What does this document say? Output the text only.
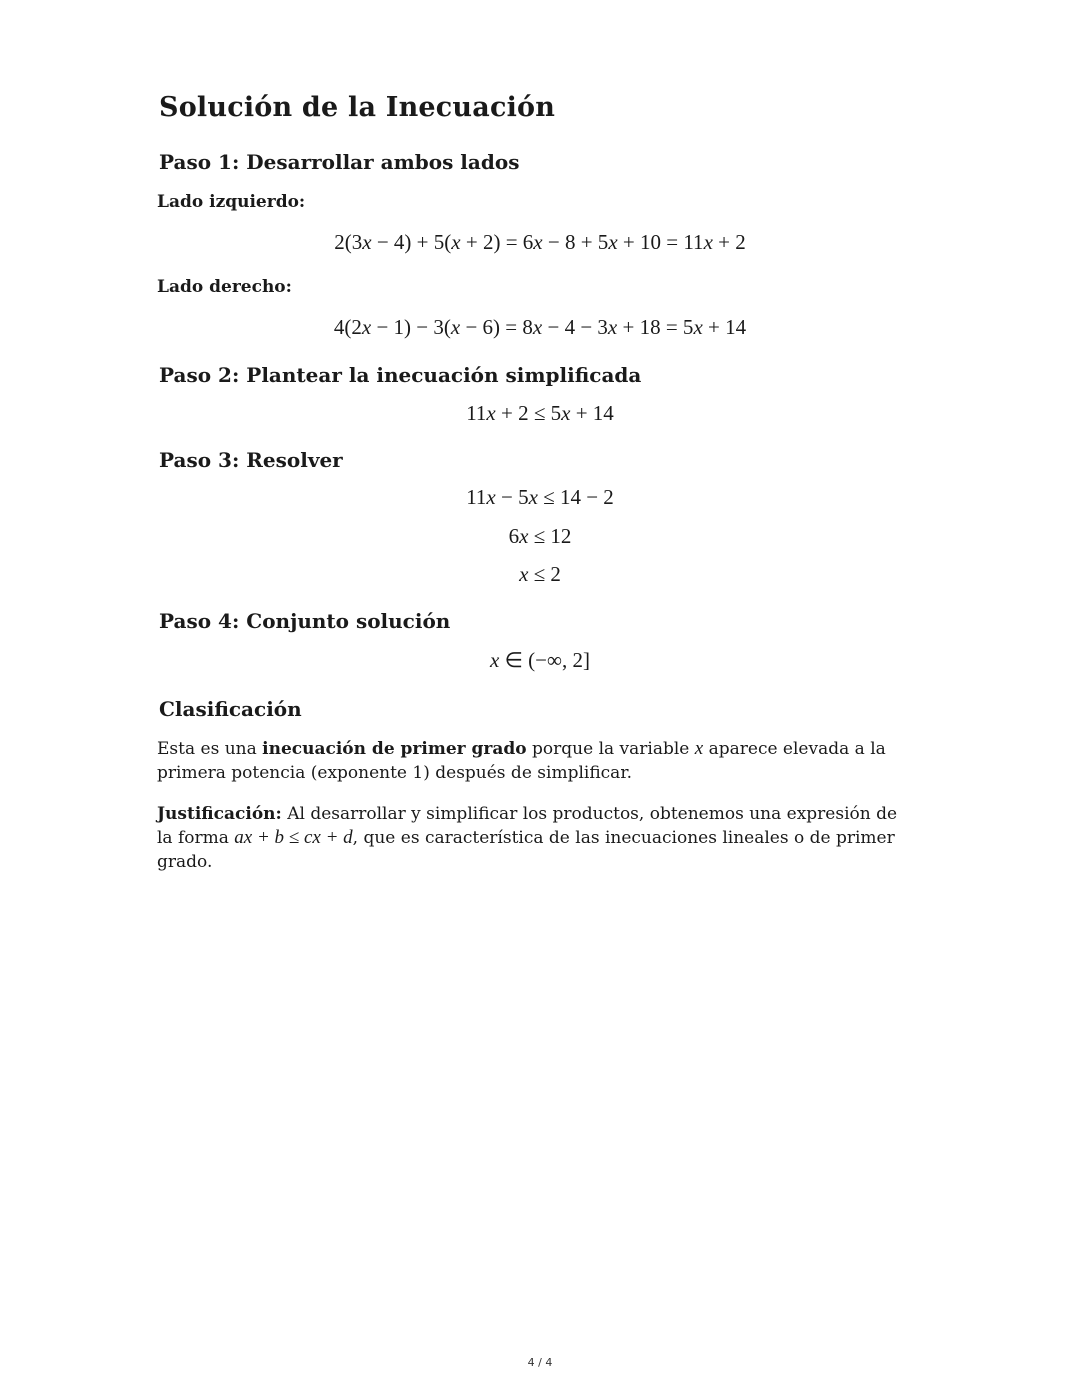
Solución de la Inecuación
Paso 1: Desarrollar ambos lados
Lado izquierdo:
2(3x − 4) + 5(x + 2) = 6x − 8 + 5x + 10 = 11x + 2
Lado derecho:
4(2x − 1) − 3(x − 6) = 8x − 4 − 3x + 18 = 5x + 14
Paso 2: Plantear la inecuación simplificada
11x + 2 ≤ 5x + 14
Paso 3: Resolver
11x − 5x ≤ 14 − 2
6x ≤ 12
x ≤ 2
Paso 4: Conjunto solución
x ∈ (−∞, 2]
Clasificación
Esta es una inecuación de primer grado porque la variable x aparece elevada a la primera potencia (exponente 1) después de simplificar.
Justificación: Al desarrollar y simplificar los productos, obtenemos una expresión de la forma ax + b ≤ cx + d, que es característica de las inecuaciones lineales o de primer grado.
4 / 4
